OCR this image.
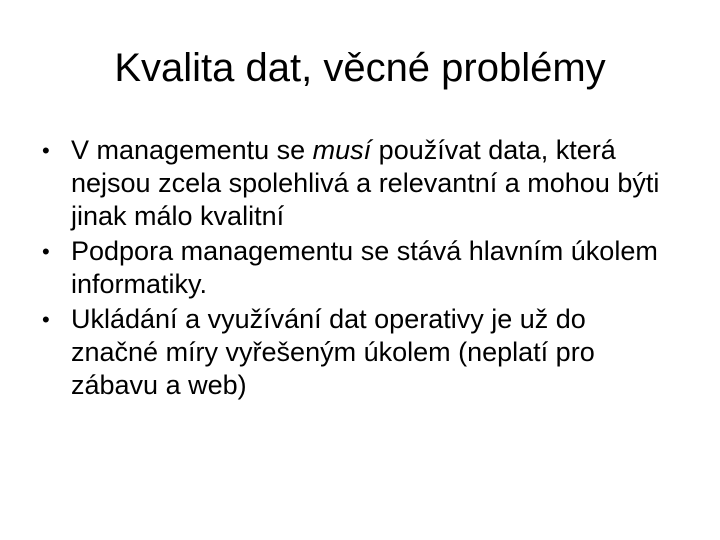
Kvalita dat, věcné problémy
• V managementu se musí používat data, která nejsou zcela spolehlivá a relevantní a mohou býti jinak málo kvalitní
• Podpora managementu se stává hlavním úkolem informatiky.
• Ukládání a využívání dat operativy je už do značné míry vyřešeným úkolem (neplatí pro zábavu a web)
